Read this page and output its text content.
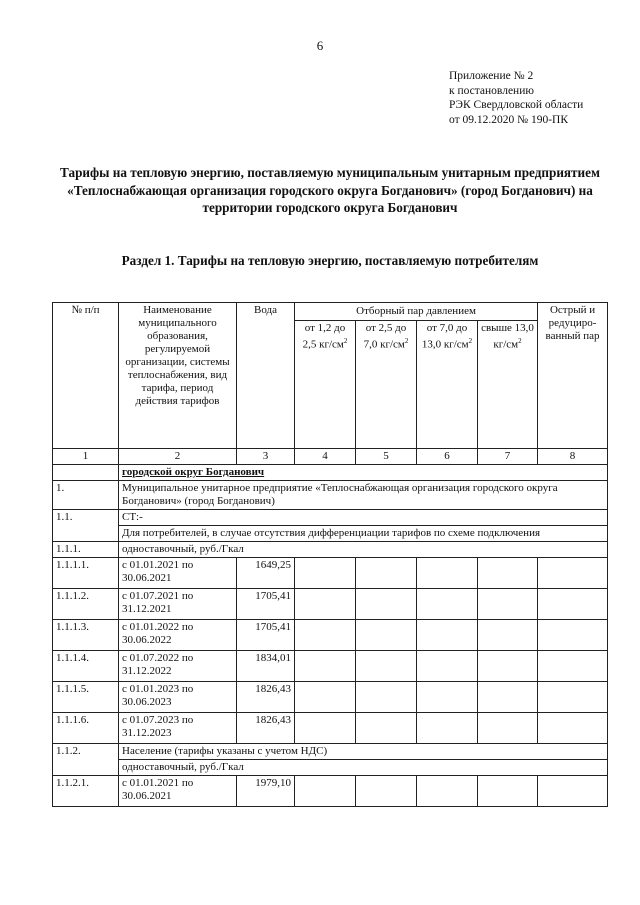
6
Приложение № 2
к постановлению
РЭК Свердловской области
от 09.12.2020 № 190-ПК
Тарифы на тепловую энергию, поставляемую муниципальным унитарным предприятием «Теплоснабжающая организация городского округа Богданович» (город Богданович) на территории городского округа Богданович
Раздел 1. Тарифы на тепловую энергию, поставляемую потребителям
№ п/п	Наименование муниципального образования, регулируемой организации, системы теплоснабжения, вид тарифа, период действия тарифов	Вода	Отборный пар давлением				Острый и редуциро-ванный пар
			от 1,2 до 2,5 $кг/см^2$	от 2,5 до 7,0 $кг/см^2$	от 7,0 до 13,0 $кг/см^2$	свыше 13,0 $кг/см^2$
1	2	3	4	5	6	7	8
	городской округ Богданович						
1.	Муниципальное унитарное предприятие «Теплоснабжающая организация городского округа Богданович» (город Богданович)						
1.1.	СТ:-						
	Для потребителей, в случае отсутствия дифференциации тарифов по схеме подключения						
1.1.1.	одноставочный, руб./Гкал						
1.1.1.1.	с 01.01.2021 по 30.06.2021	1649,25					
1.1.1.2.	с 01.07.2021 по 31.12.2021	1705,41					
1.1.1.3.	с 01.01.2022 по 30.06.2022	1705,41					
1.1.1.4.	с 01.07.2022 по 31.12.2022	1834,01					
1.1.1.5.	с 01.01.2023 по 30.06.2023	1826,43					
1.1.1.6.	с 01.07.2023 по 31.12.2023	1826,43					
1.1.2.	Население (тарифы указаны с учетом НДС)						
	одноставочный, руб./Гкал						
1.1.2.1.	с 01.01.2021 по 30.06.2021	1979,10					
